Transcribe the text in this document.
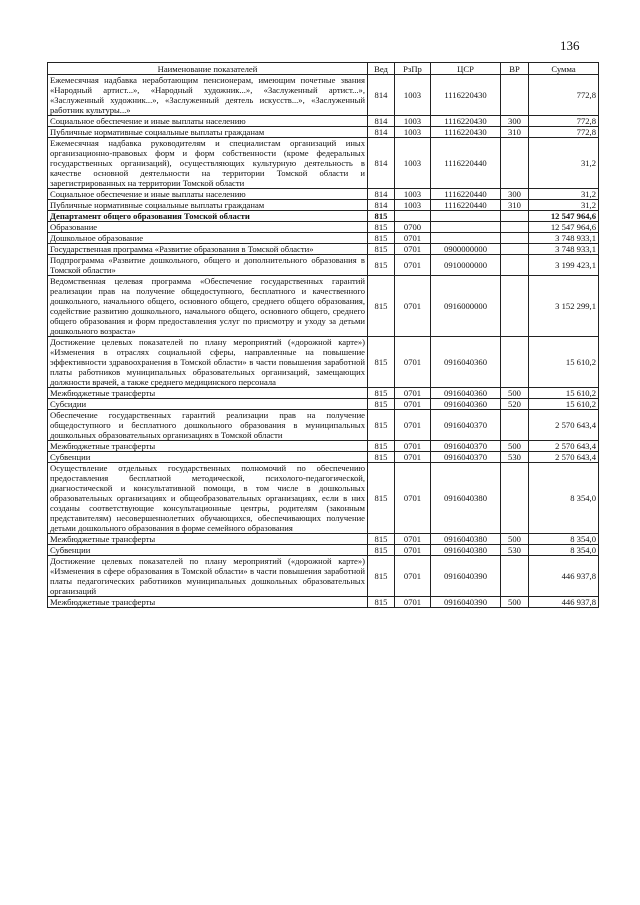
136
Наименование показателей	Вед	РзПр	ЦСР	ВР	Сумма
Ежемесячная надбавка неработающим пенсионерам, имеющим почетные звания «Народный артист...», «Народный художник...», «Заслуженный артист...», «Заслуженный художник...», «Заслуженный деятель искусств...», «Заслуженный работник культуры...»	814	1003	1116220430		772,8
Социальное обеспечение и иные выплаты населению	814	1003	1116220430	300	772,8
Публичные нормативные социальные выплаты гражданам	814	1003	1116220430	310	772,8
Ежемесячная надбавка руководителям и специалистам организаций иных организационно-правовых форм и форм собственности (кроме федеральных государственных организаций), осуществляющих культурную деятельность в качестве основной деятельности на территории Томской области и зарегистрированных на территории Томской области	814	1003	1116220440		31,2
Социальное обеспечение и иные выплаты населению	814	1003	1116220440	300	31,2
Публичные нормативные социальные выплаты гражданам	814	1003	1116220440	310	31,2
Департамент общего образования Томской области	815				12 547 964,6
Образование	815	0700			12 547 964,6
Дошкольное образование	815	0701			3 748 933,1
Государственная программа «Развитие образования в Томской области»	815	0701	0900000000		3 748 933,1
Подпрограмма «Развитие дошкольного, общего и дополнительного образования в Томской области»	815	0701	0910000000		3 199 423,1
Ведомственная целевая программа «Обеспечение государственных гарантий реализации прав на получение общедоступного, бесплатного и качественного дошкольного, начального общего, основного общего, среднего общего образования, содействие развитию дошкольного, начального общего, основного общего, среднего общего образования и форм предоставления услуг по присмотру и уходу за детьми дошкольного возраста»	815	0701	0916000000		3 152 299,1
Достижение целевых показателей по плану мероприятий («дорожной карте») «Изменения в отраслях социальной сферы, направленные на повышение эффективности здравоохранения в Томской области» в части повышения заработной платы работников муниципальных образовательных организаций, замещающих должности врачей, а также среднего медицинского персонала	815	0701	0916040360		15 610,2
Межбюджетные трансферты	815	0701	0916040360	500	15 610,2
Субсидии	815	0701	0916040360	520	15 610,2
Обеспечение государственных гарантий реализации прав на получение общедоступного и бесплатного дошкольного образования в муниципальных дошкольных образовательных организациях в Томской области	815	0701	0916040370		2 570 643,4
Межбюджетные трансферты	815	0701	0916040370	500	2 570 643,4
Субвенции	815	0701	0916040370	530	2 570 643,4
Осуществление отдельных государственных полномочий по обеспечению предоставления бесплатной методической, психолого-педагогической, диагностической и консультативной помощи, в том числе в дошкольных образовательных организациях и общеобразовательных организациях, если в них созданы соответствующие консультационные центры, родителям (законным представителям) несовершеннолетних обучающихся, обеспечивающих получение детьми дошкольного образования в форме семейного образования	815	0701	0916040380		8 354,0
Межбюджетные трансферты	815	0701	0916040380	500	8 354,0
Субвенции	815	0701	0916040380	530	8 354,0
Достижение целевых показателей по плану мероприятий («дорожной карте») «Изменения в сфере образования в Томской области» в части повышения заработной платы педагогических работников муниципальных дошкольных образовательных организаций	815	0701	0916040390		446 937,8
Межбюджетные трансферты	815	0701	0916040390	500	446 937,8
